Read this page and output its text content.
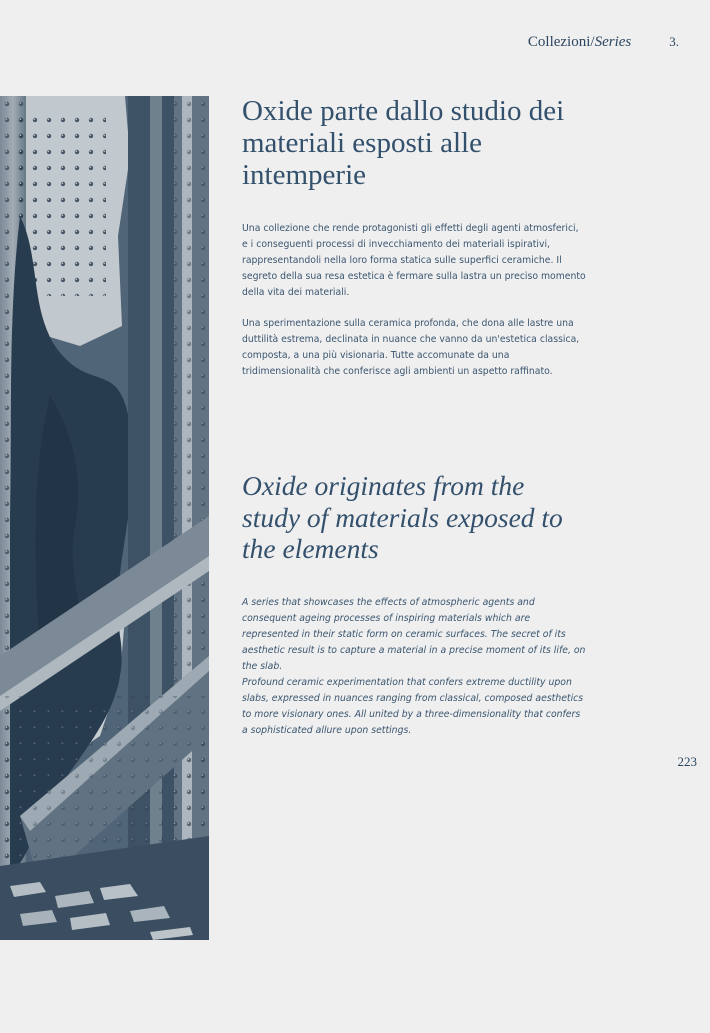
Collezioni/Series	3.
Oxide parte dallo studio dei materiali esposti alle intemperie

Una collezione che rende protagonisti gli effetti degli agenti atmosferici, e i conseguenti processi di invecchiamento dei materiali ispirativi, rappresentandoli nella loro forma statica sulle superfici ceramiche. Il segreto della sua resa estetica è fermare sulla lastra un preciso momento della vita dei materiali.

Una sperimentazione sulla ceramica profonda, che dona alle lastre una duttilità estrema, declinata in nuance che vanno da un'estetica classica, composta, a una più visionaria. Tutte accomunate da una tridimensionalità che conferisce agli ambienti un aspetto raffinato.

Oxide originates from the study of materials exposed to the elements

A series that showcases the effects of atmospheric agents and consequent ageing processes of inspiring materials which are represented in their static form on ceramic surfaces. The secret of its aesthetic result is to capture a material in a precise moment of its life, on the slab.

Profound ceramic experimentation that confers extreme ductility upon slabs, expressed in nuances ranging from classical, composed aesthetics to more visionary ones. All united by a three-dimensionality that confers a sophisticated allure upon settings.

223
